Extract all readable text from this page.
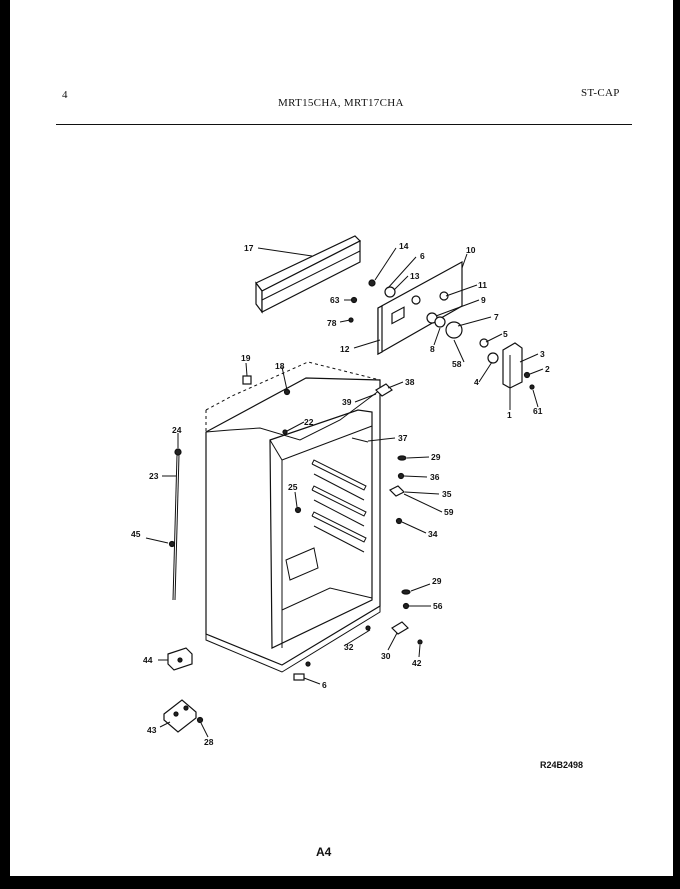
4
MRT15CHA, MRT17CHA
ST-CAP
17	14
6
13
63
78
10
11
9
7
12	8
58
5
3
2
4
1	61
19
18
38
39
22
37
24
29
36
23
35
25
59
34
45
29
56
32
30
42
44
6
43
28
R24B2498
A4
